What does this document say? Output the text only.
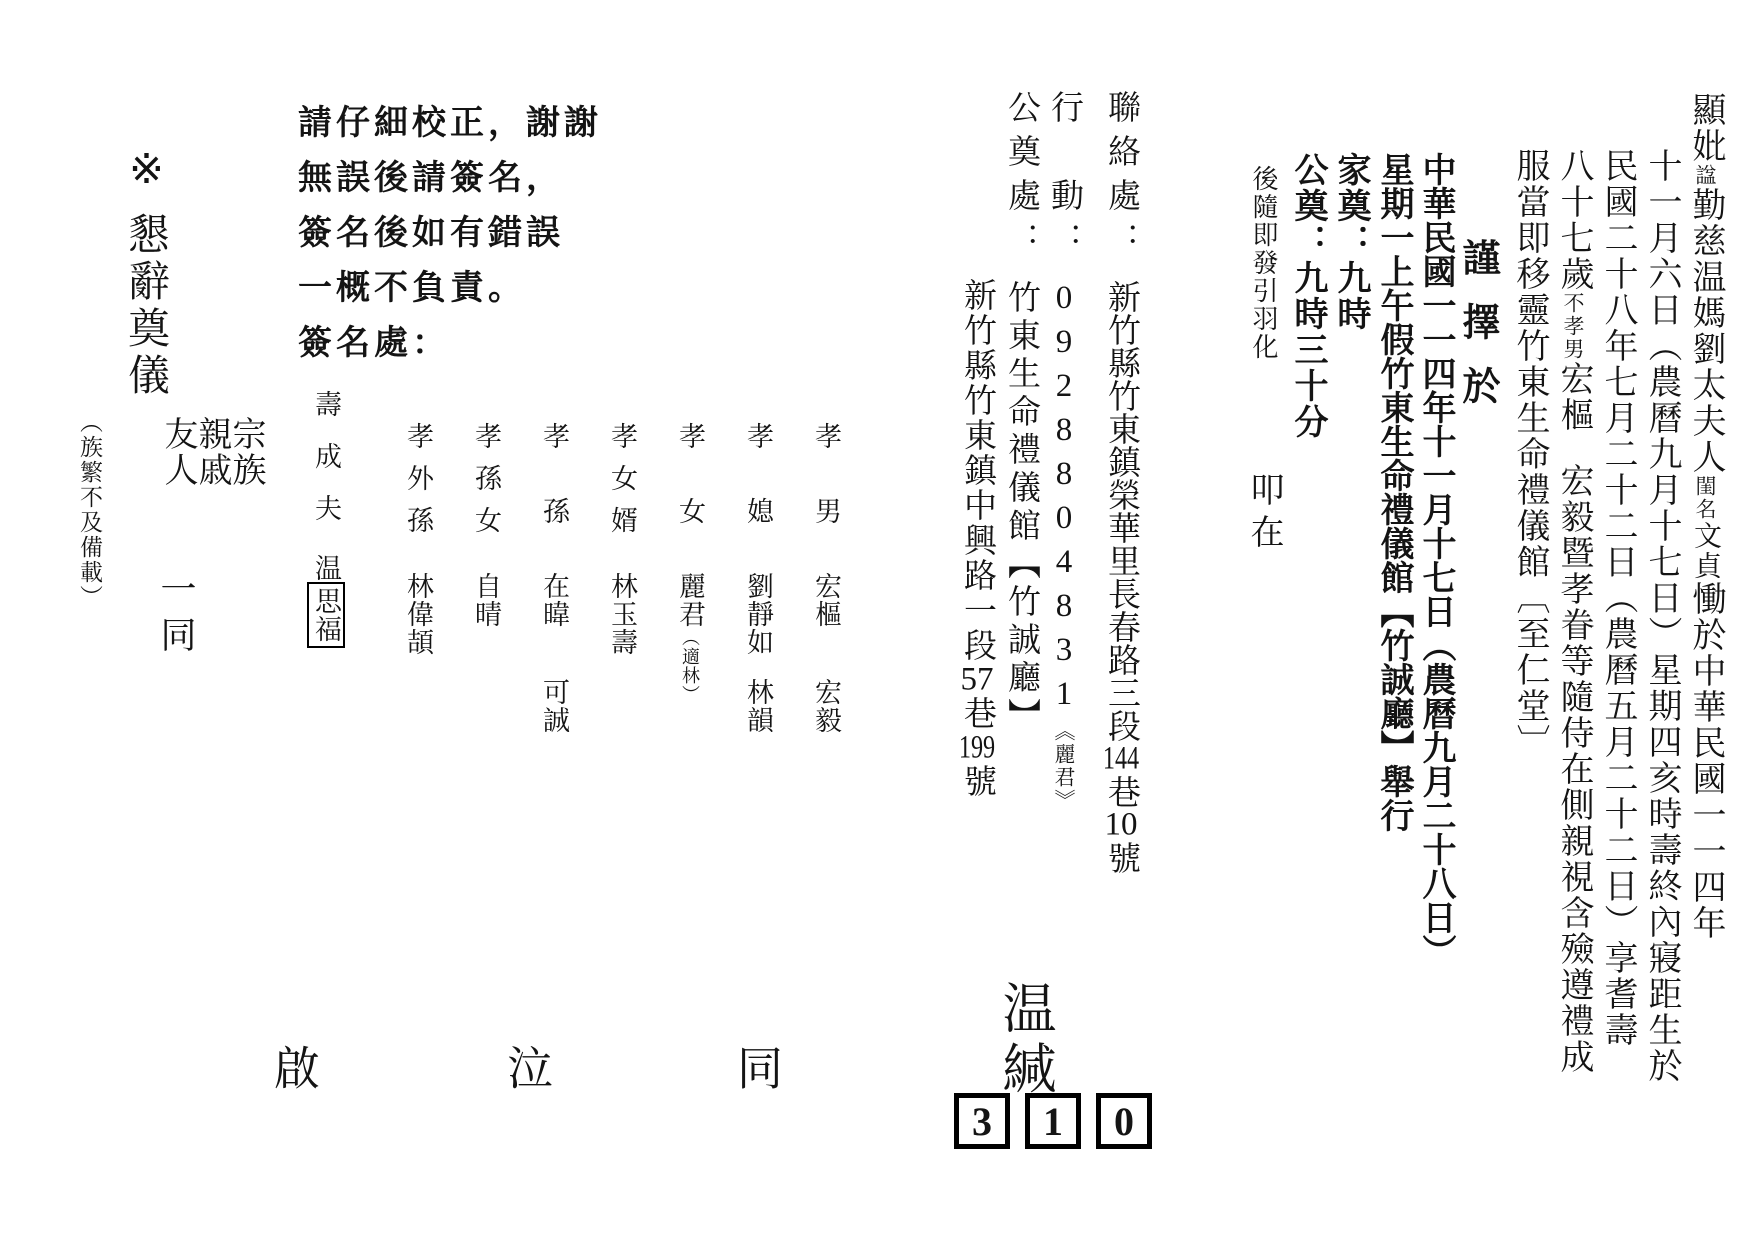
顯妣諡勤慈温媽劉太夫人閨名文貞慟於中華民國一一四年
十一月六日（農曆九月十七日）星期四亥時壽終內寢距生於
民國二十八年七月二十二日（農曆五月二十二日）享耆壽
八十七歲不孝男宏樞宏毅暨孝眷等隨侍在側親視含殮遵禮成
服當即移靈竹東生命禮儀館〔至仁堂〕
謹擇於
中華民國一一四年十一月十七日（農曆九月二十八日）
星期一上午假竹東生命禮儀館【竹誠廳】舉行
家奠：九時
公奠：九時三十分
後隨即發引羽化
叩在
聯絡處：新竹縣竹東鎮榮華里長春路三段144巷10號
行　動：0928804831《麗君》
公奠處：竹東生命禮儀館【竹誠廳】
新竹縣竹東鎮中興路一段57巷199號
温緘
3 1 0
請仔細校正，謝謝
無誤後請簽名，
簽名後如有錯誤
一概不負責。
簽名處：
孝男宏樞宏毅
孝媳劉靜如林韻
孝女麗君（適林）
孝女婿林玉壽
孝孫在暐可誠
孝孫女自晴
孝外孫林偉頡
壽成夫温思福
同
泣
啟
※懇辭奠儀
宗族
親戚
友人
一同
（族繁不及備載）
